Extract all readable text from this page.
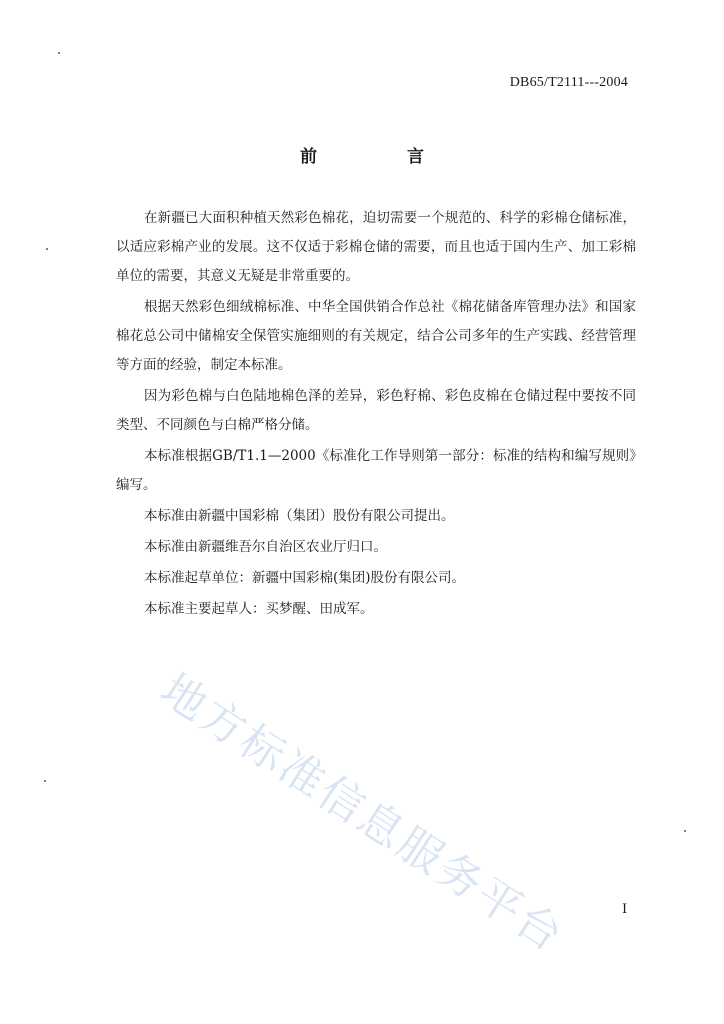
DB65/T2111---2004
前 言

在新疆已大面积种植天然彩色棉花，迫切需要一个规范的、科学的彩棉仓储标准，以适应彩棉产业的发展。这不仅适于彩棉仓储的需要，而且也适于国内生产、加工彩棉单位的需要，其意义无疑是非常重要的。

根据天然彩色细绒棉标准、中华全国供销合作总社《棉花储备库管理办法》和国家棉花总公司中储棉安全保管实施细则的有关规定，结合公司多年的生产实践、经营管理等方面的经验，制定本标准。

因为彩色棉与白色陆地棉色泽的差异，彩色籽棉、彩色皮棉在仓储过程中要按不同类型、不同颜色与白棉严格分储。

本标准根据GB/T1.1—2000《标准化工作导则第一部分：标准的结构和编写规则》编写。

本标准由新疆中国彩棉（集团）股份有限公司提出。

本标准由新疆维吾尔自治区农业厅归口。

本标准起草单位：新疆中国彩棉(集团)股份有限公司。

本标准主要起草人：买梦醒、田成军。

地方标准信息服务平台	I
